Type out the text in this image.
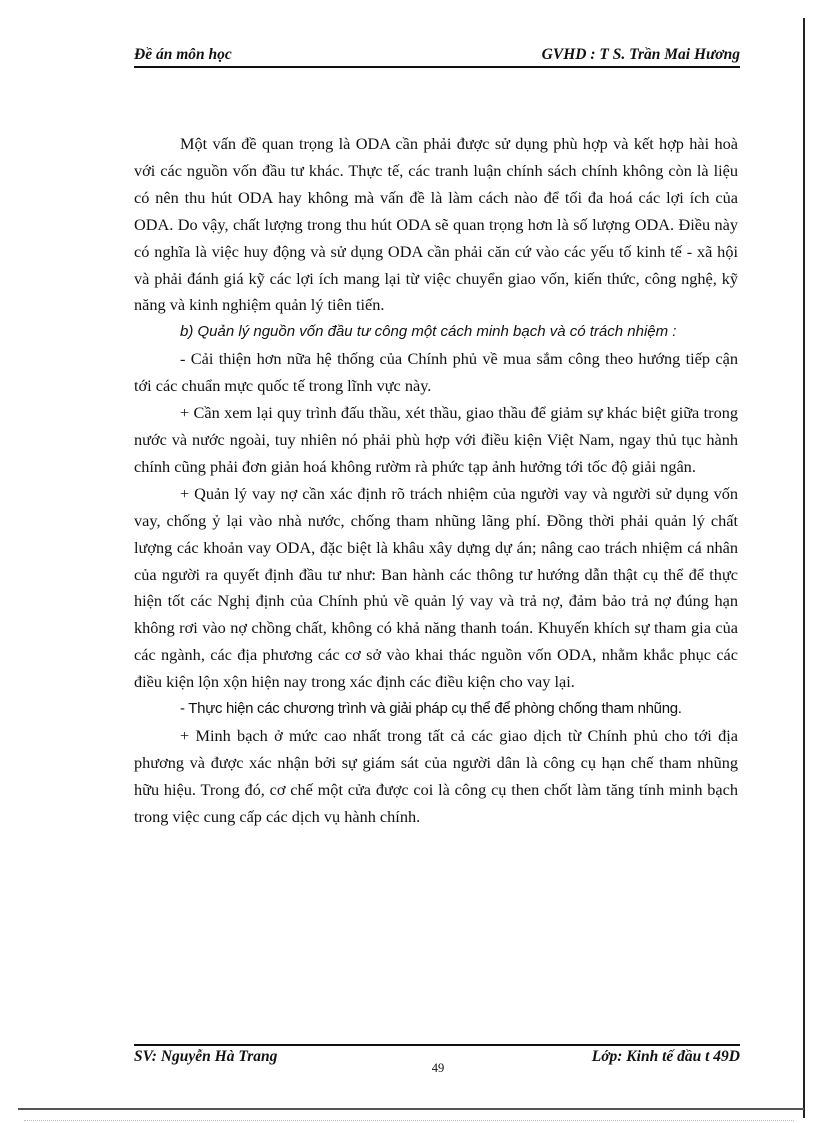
Đề án môn học	GVHD : T S. Trần Mai Hương

Một vấn đề quan trọng là ODA cần phải được sử dụng phù hợp và kết hợp hài hoà với các nguồn vốn đầu tư khác. Thực tế, các tranh luận chính sách chính không còn là liệu có nên thu hút ODA hay không mà vấn đề là làm cách nào để tối đa hoá các lợi ích của ODA. Do vậy, chất lượng trong thu hút ODA sẽ quan trọng hơn là số lượng ODA. Điều này có nghĩa là việc huy động và sử dụng ODA cần phải căn cứ vào các yếu tố kinh tế - xã hội và phải đánh giá kỹ các lợi ích mang lại từ việc chuyển giao vốn, kiến thức, công nghệ, kỹ năng và kinh nghiệm quản lý tiên tiến.

b) Quản lý nguồn vốn đầu tư công một cách minh bạch và có trách nhiệm :

- Cải thiện hơn nữa hệ thống của Chính phủ về mua sắm công theo hướng tiếp cận tới các chuẩn mực quốc tế trong lĩnh vực này.

+ Cần xem lại quy trình đấu thầu, xét thầu, giao thầu để giảm sự khác biệt giữa trong nước và nước ngoài, tuy nhiên nó phải phù hợp với điều kiện Việt Nam, ngay thủ tục hành chính cũng phải đơn giản hoá không rườm rà phức tạp ảnh hưởng tới tốc độ giải ngân.

+ Quản lý vay nợ cần xác định rõ trách nhiệm của người vay và người sử dụng vốn vay, chống ỷ lại vào nhà nước, chống tham nhũng lãng phí. Đồng thời phải quản lý chất lượng các khoản vay ODA, đặc biệt là khâu xây dựng dự án; nâng cao trách nhiệm cá nhân của người ra quyết định đầu tư như: Ban hành các thông tư hướng dẫn thật cụ thể để thực hiện tốt các Nghị định của Chính phủ về quản lý vay và trả nợ, đảm bảo trả nợ đúng hạn không rơi vào nợ chồng chất, không có khả năng thanh toán. Khuyến khích sự tham gia của các ngành, các địa phương các cơ sở vào khai thác nguồn vốn ODA, nhằm khắc phục các điều kiện lộn xộn hiện nay trong xác định các điều kiện cho vay lại.

- Thực hiện các chương trình và giải pháp cụ thể để phòng chống tham nhũng.

+ Minh bạch ở mức cao nhất trong tất cả các giao dịch từ Chính phủ cho tới địa phương và được xác nhận bởi sự giám sát của người dân là công cụ hạn chế tham nhũng hữu hiệu. Trong đó, cơ chế một cửa được coi là công cụ then chốt làm tăng tính minh bạch trong việc cung cấp các dịch vụ hành chính.

SV: Nguyễn Hà Trang	Lớp: Kinh tế đầu t 49D
49
